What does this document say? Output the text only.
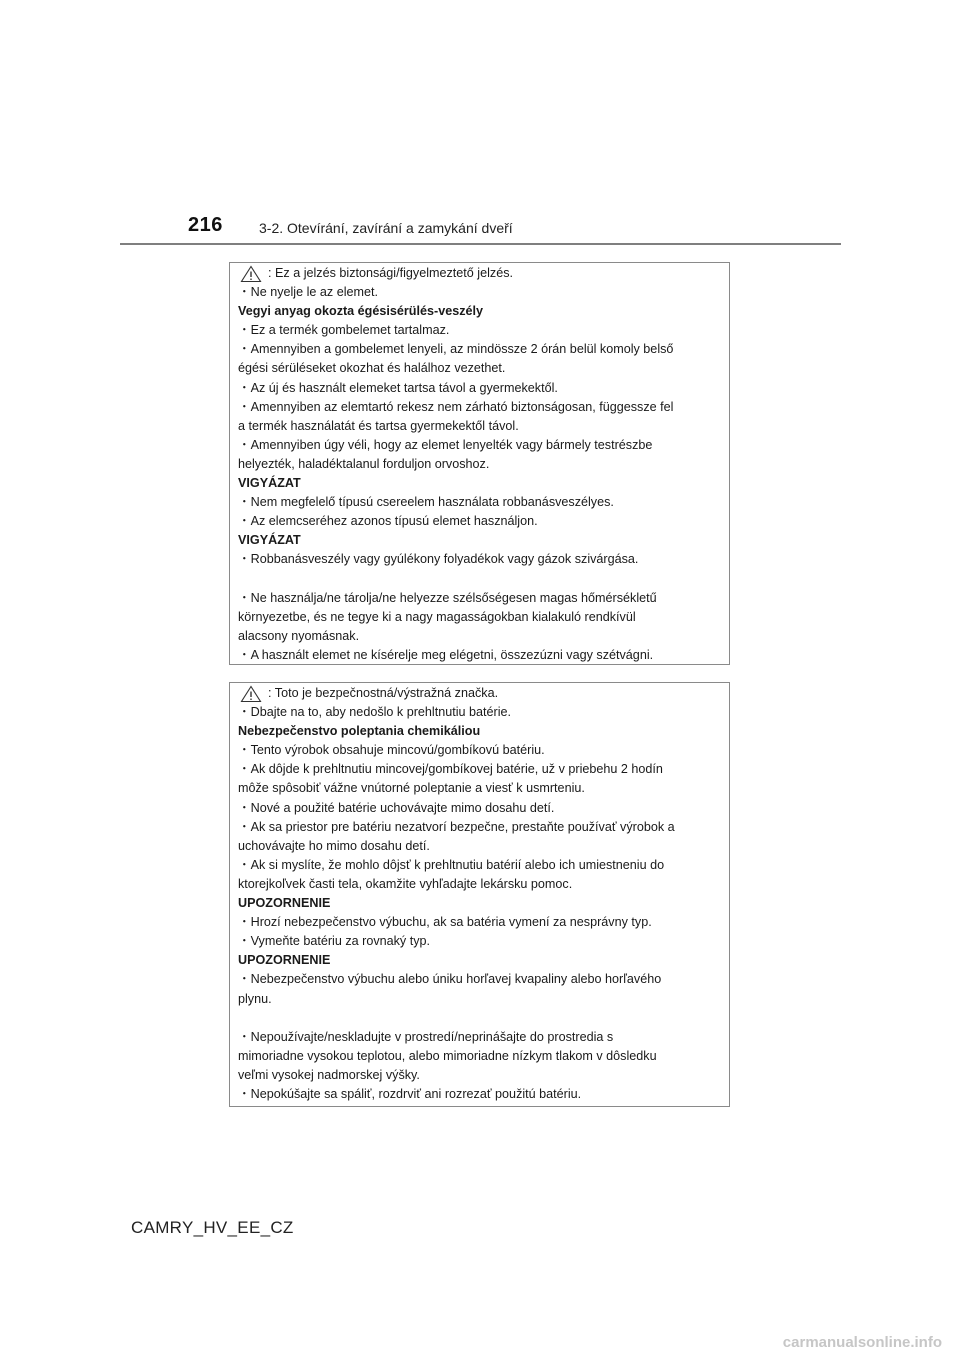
216	3-2. Otevírání, zavírání a zamykání dveří
: Ez a jelzés biztonsági/figyelmeztető jelzés.
・Ne nyelje le az elemet.
Vegyi anyag okozta égésisérülés-veszély
・Ez a termék gombelemet tartalmaz.
・Amennyiben a gombelemet lenyeli, az mindössze 2 órán belül komoly belső
égési sérüléseket okozhat és halálhoz vezethet.
・Az új és használt elemeket tartsa távol a gyermekektől.
・Amennyiben az elemtartó rekesz nem zárható biztonságosan, függessze fel
a termék használatát és tartsa gyermekektől távol.
・Amennyiben úgy véli, hogy az elemet lenyelték vagy bármely testrészbe
helyezték, haladéktalanul forduljon orvoshoz.
VIGYÁZAT
・Nem megfelelő típusú csereelem használata robbanásveszélyes.
・Az elemcseréhez azonos típusú elemet használjon.
VIGYÁZAT
・Robbanásveszély vagy gyúlékony folyadékok vagy gázok szivárgása.
・Ne használja/ne tárolja/ne helyezze szélsőségesen magas hőmérsékletű
környezetbe, és ne tegye ki a nagy magasságokban kialakuló rendkívül
alacsony nyomásnak.
・A használt elemet ne kísérelje meg elégetni, összezúzni vagy szétvágni.
: Toto je bezpečnostná/výstražná značka.
・Dbajte na to, aby nedošlo k prehltnutiu batérie.
Nebezpečenstvo poleptania chemikáliou
・Tento výrobok obsahuje mincovú/gombíkovú batériu.
・Ak dôjde k prehltnutiu mincovej/gombíkovej batérie, už v priebehu 2 hodín
môže spôsobiť vážne vnútorné poleptanie a viesť k usmrteniu.
・Nové a použité batérie uchovávajte mimo dosahu detí.
・Ak sa priestor pre batériu nezatvorí bezpečne, prestaňte používať výrobok a
uchovávajte ho mimo dosahu detí.
・Ak si myslíte, že mohlo dôjsť k prehltnutiu batérií alebo ich umiestneniu do
ktorejkoľvek časti tela, okamžite vyhľadajte lekársku pomoc.
UPOZORNENIE
・Hrozí nebezpečenstvo výbuchu, ak sa batéria vymení za nesprávny typ.
・Vymeňte batériu za rovnaký typ.
UPOZORNENIE
・Nebezpečenstvo výbuchu alebo úniku horľavej kvapaliny alebo horľavého
plynu.
・Nepoužívajte/neskladujte v prostredí/neprinášajte do prostredia s
mimoriadne vysokou teplotou, alebo mimoriadne nízkym tlakom v dôsledku
veľmi vysokej nadmorskej výšky.
・Nepokúšajte sa spáliť, rozdrviť ani rozrezať použitú batériu.
CAMRY_HV_EE_CZ
carmanualsonline.info
